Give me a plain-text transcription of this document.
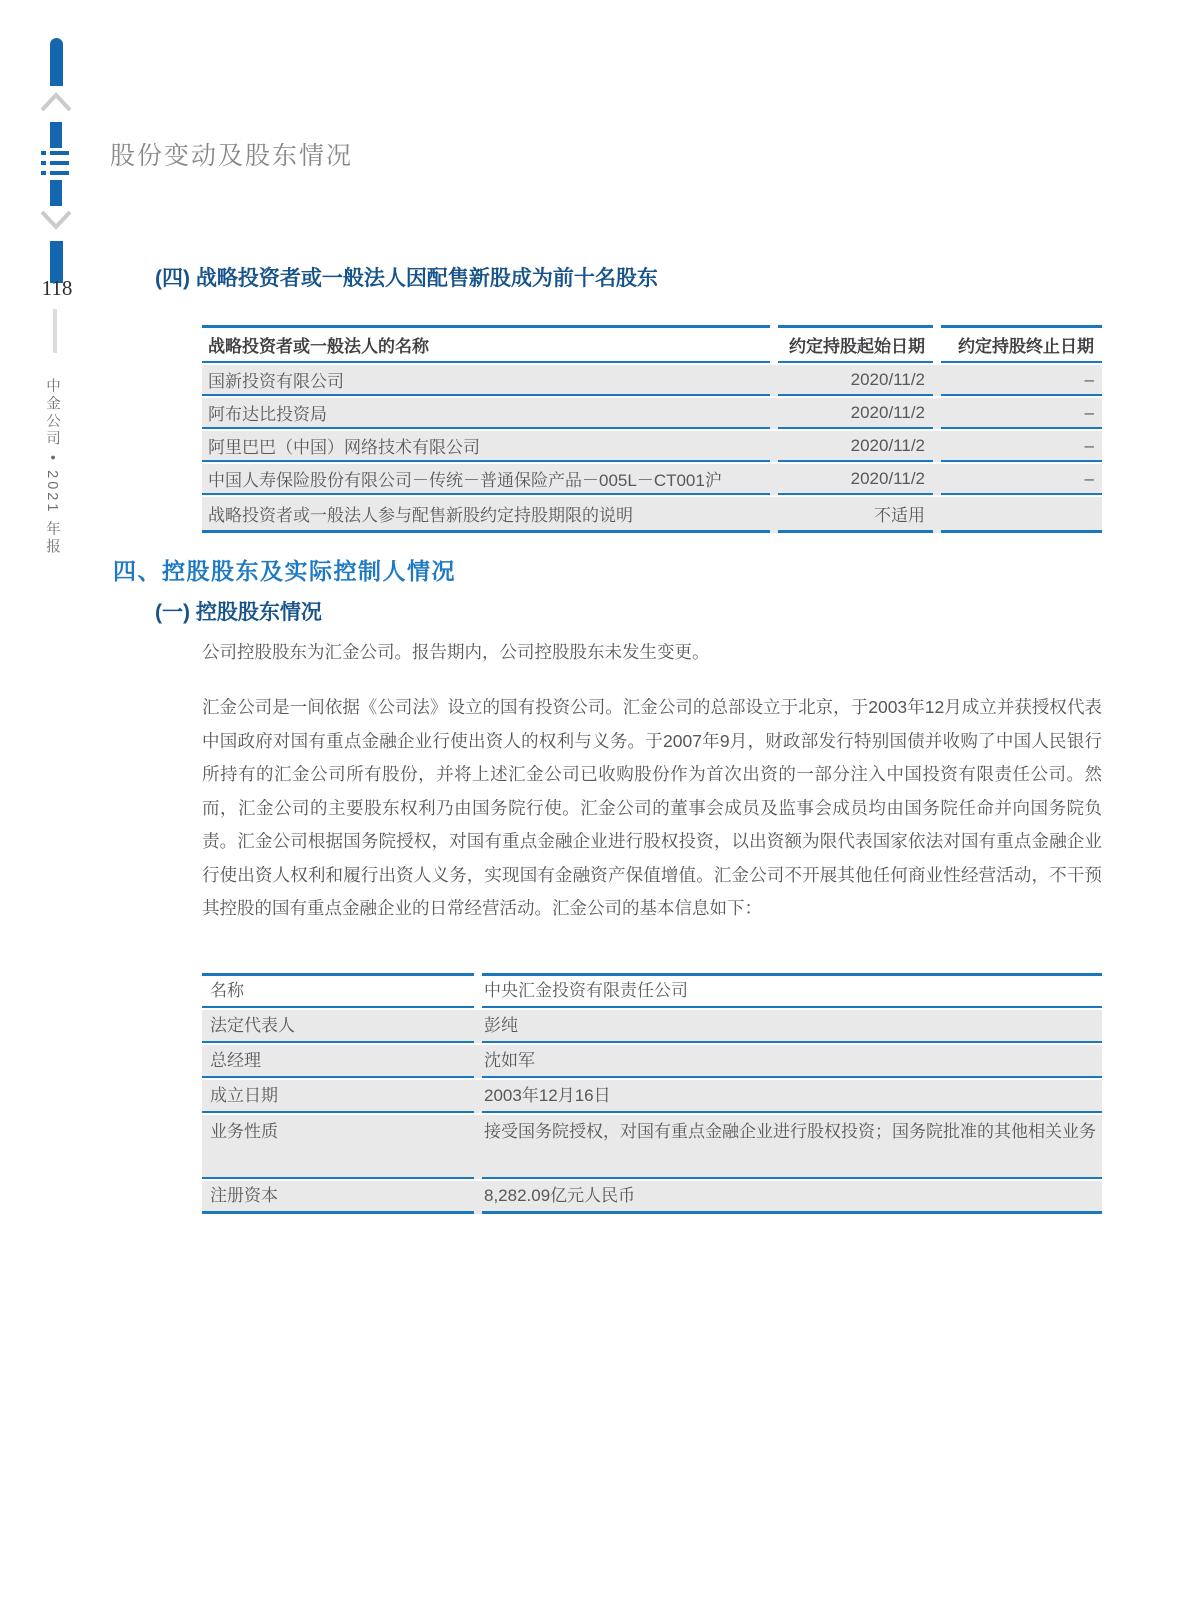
118
中金公司 • 2021 年报
股份变动及股东情况
(四) 战略投资者或一般法人因配售新股成为前十名股东
战略投资者或一般法人的名称	约定持股起始日期	约定持股终止日期
国新投资有限公司	2020/11/2	–
阿布达比投资局	2020/11/2	–
阿里巴巴（中国）网络技术有限公司	2020/11/2	–
中国人寿保险股份有限公司－传统－普通保险产品－005L－CT001沪	2020/11/2	–
战略投资者或一般法人参与配售新股约定持股期限的说明	不适用
四、控股股东及实际控制人情况
(一) 控股股东情况
公司控股股东为汇金公司。报告期内，公司控股股东未发生变更。
汇金公司是一间依据《公司法》设立的国有投资公司。汇金公司的总部设立于北京，于2003年12月成立并获授权代表中国政府对国有重点金融企业行使出资人的权利与义务。于2007年9月，财政部发行特别国债并收购了中国人民银行所持有的汇金公司所有股份，并将上述汇金公司已收购股份作为首次出资的一部分注入中国投资有限责任公司。然而，汇金公司的主要股东权利乃由国务院行使。汇金公司的董事会成员及监事会成员均由国务院任命并向国务院负责。汇金公司根据国务院授权，对国有重点金融企业进行股权投资，以出资额为限代表国家依法对国有重点金融企业行使出资人权利和履行出资人义务，实现国有金融资产保值增值。汇金公司不开展其他任何商业性经营活动，不干预其控股的国有重点金融企业的日常经营活动。汇金公司的基本信息如下：
名称	中央汇金投资有限责任公司
法定代表人	彭纯
总经理	沈如军
成立日期	2003年12月16日
业务性质	接受国务院授权，对国有重点金融企业进行股权投资；国务院批准的其他相关业务
注册资本	8,282.09亿元人民币
